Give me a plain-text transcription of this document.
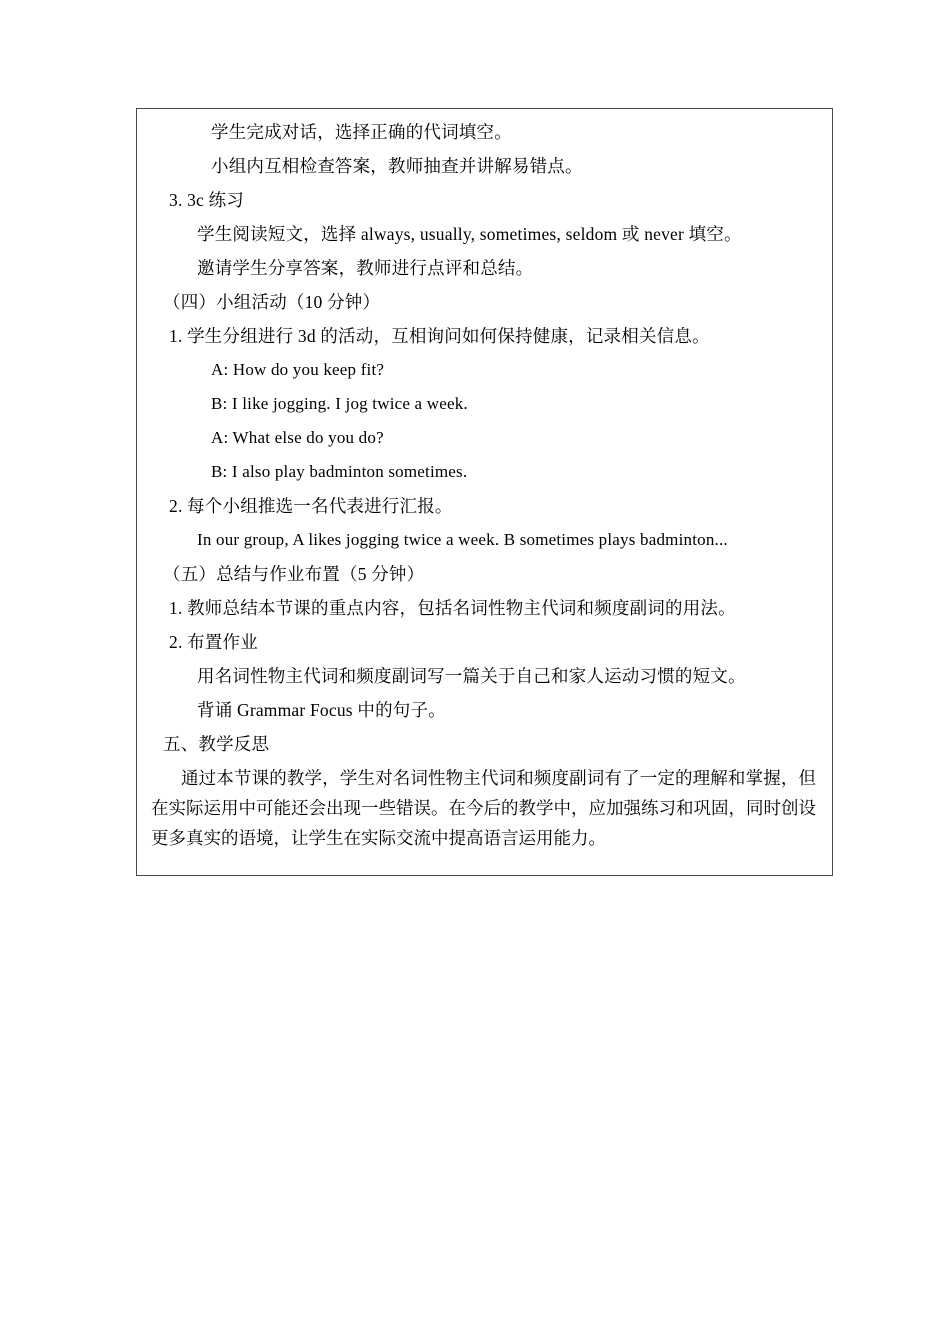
学生完成对话，选择正确的代词填空。
小组内互相检查答案，教师抽查并讲解易错点。
3. 3c 练习
学生阅读短文，选择 always, usually, sometimes, seldom 或 never 填空。
邀请学生分享答案，教师进行点评和总结。
（四）小组活动（10 分钟）
1. 学生分组进行 3d 的活动，互相询问如何保持健康，记录相关信息。
A: How do you keep fit?
B: I like jogging. I jog twice a week.
A: What else do you do?
B: I also play badminton sometimes.
2. 每个小组推选一名代表进行汇报。
In our group, A likes jogging twice a week. B sometimes plays badminton...
（五）总结与作业布置（5 分钟）
1. 教师总结本节课的重点内容，包括名词性物主代词和频度副词的用法。
2. 布置作业
用名词性物主代词和频度副词写一篇关于自己和家人运动习惯的短文。
背诵 Grammar Focus 中的句子。
五、教学反思
通过本节课的教学，学生对名词性物主代词和频度副词有了一定的理解和掌握，但在实际运用中可能还会出现一些错误。在今后的教学中，应加强练习和巩固，同时创设更多真实的语境，让学生在实际交流中提高语言运用能力。
